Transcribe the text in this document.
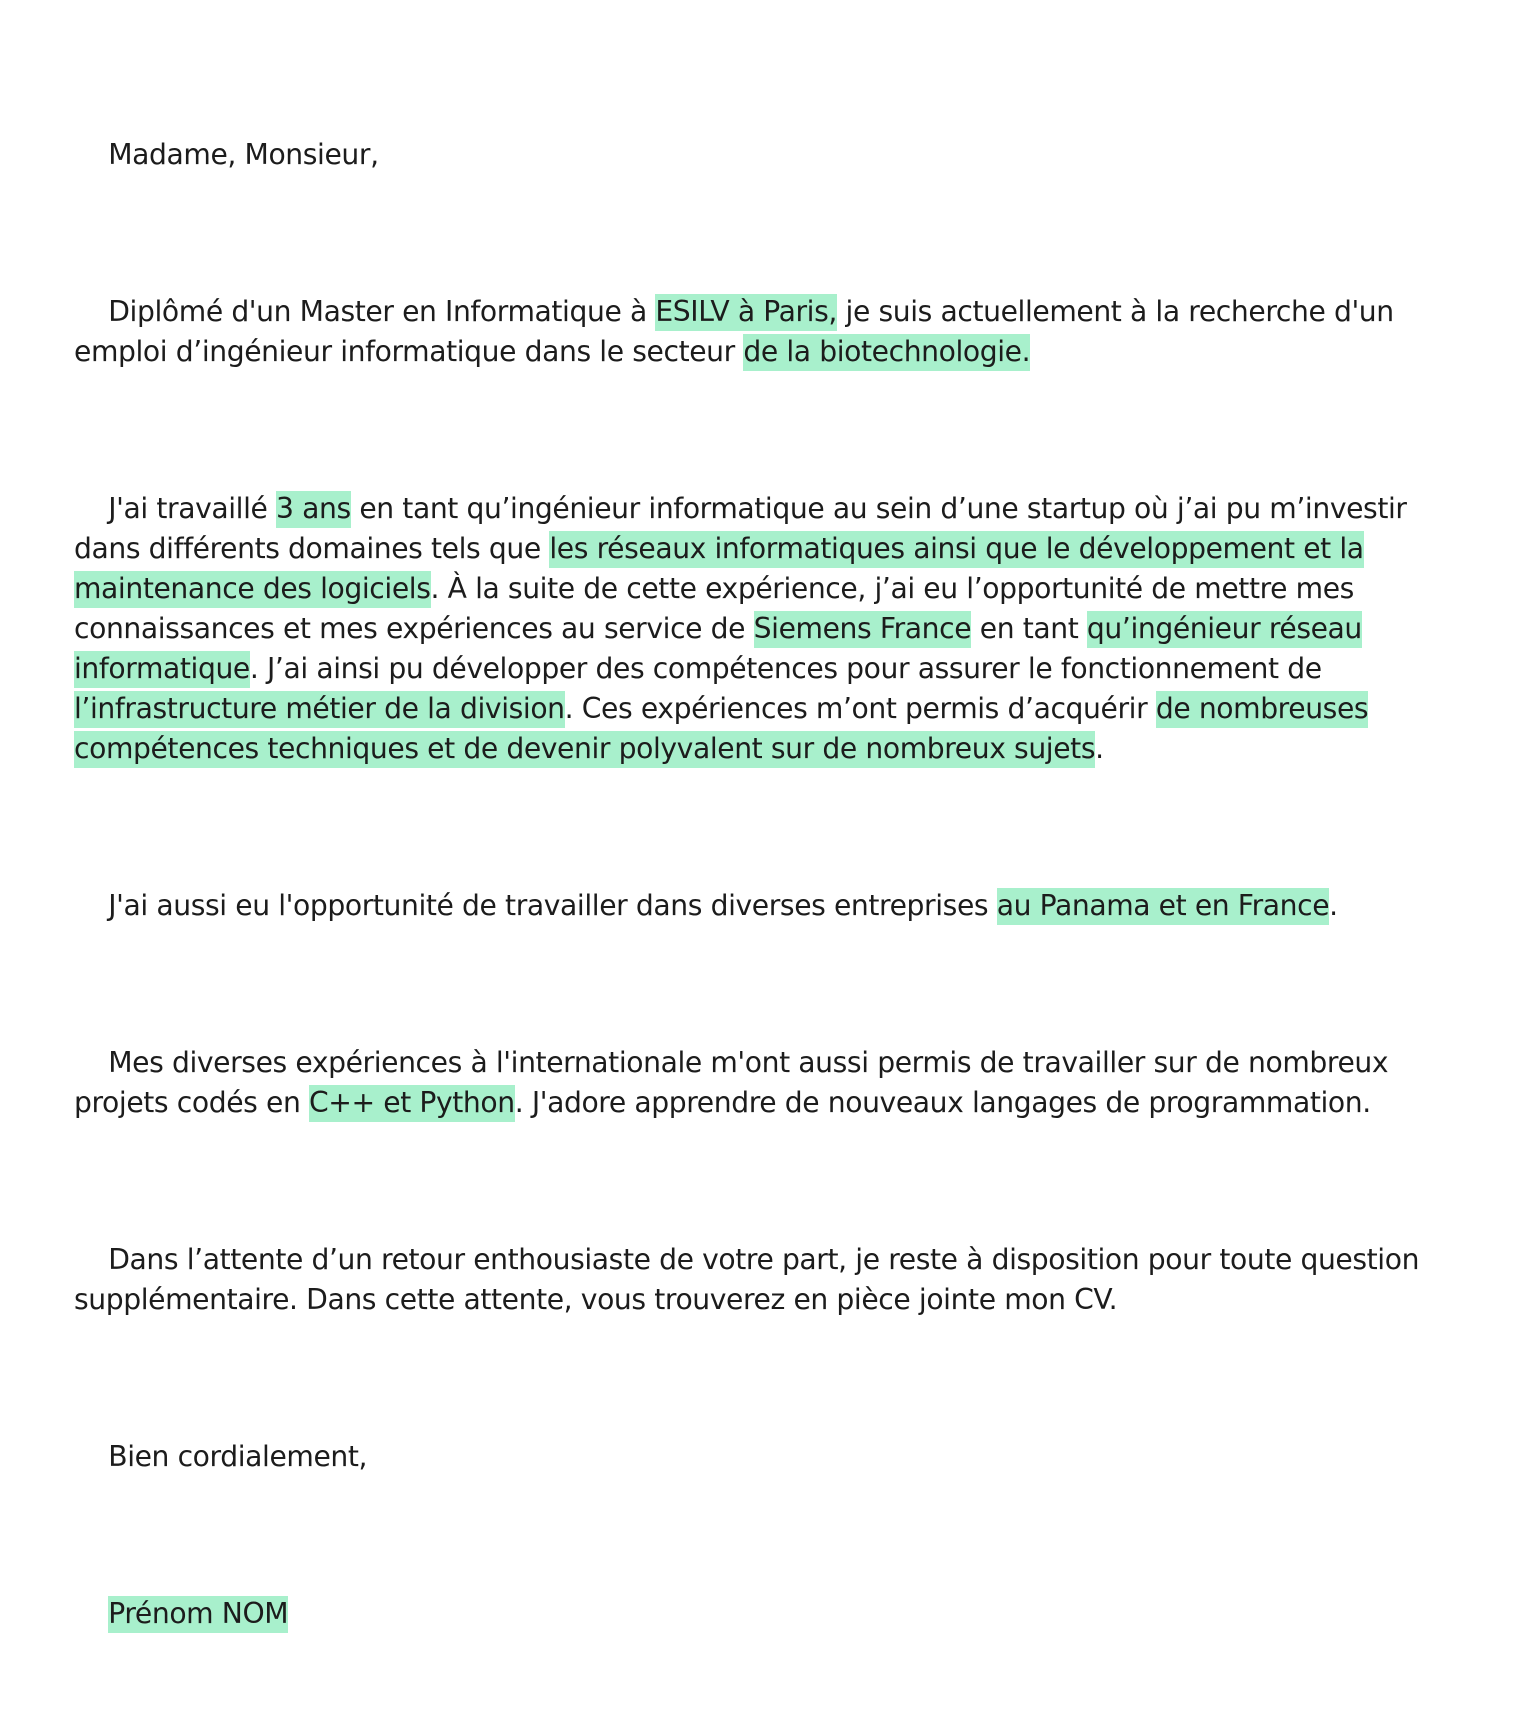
Madame, Monsieur,

Diplômé d'un Master en Informatique à ESILV à Paris, je suis actuellement à la recherche d'un
emploi d’ingénieur informatique dans le secteur de la biotechnologie.

J'ai travaillé 3 ans en tant qu’ingénieur informatique au sein d’une startup où j’ai pu m’investir
dans différents domaines tels que les réseaux informatiques ainsi que le développement et la
maintenance des logiciels. À la suite de cette expérience, j’ai eu l’opportunité de mettre mes
connaissances et mes expériences au service de Siemens France en tant qu’ingénieur réseau
informatique. J’ai ainsi pu développer des compétences pour assurer le fonctionnement de
l’infrastructure métier de la division. Ces expériences m’ont permis d’acquérir de nombreuses
compétences techniques et de devenir polyvalent sur de nombreux sujets.

J'ai aussi eu l'opportunité de travailler dans diverses entreprises au Panama et en France.

Mes diverses expériences à l'internationale m'ont aussi permis de travailler sur de nombreux
projets codés en C++ et Python. J'adore apprendre de nouveaux langages de programmation.

Dans l’attente d’un retour enthousiaste de votre part, je reste à disposition pour toute question
supplémentaire. Dans cette attente, vous trouverez en pièce jointe mon CV.

Bien cordialement,

Prénom NOM
